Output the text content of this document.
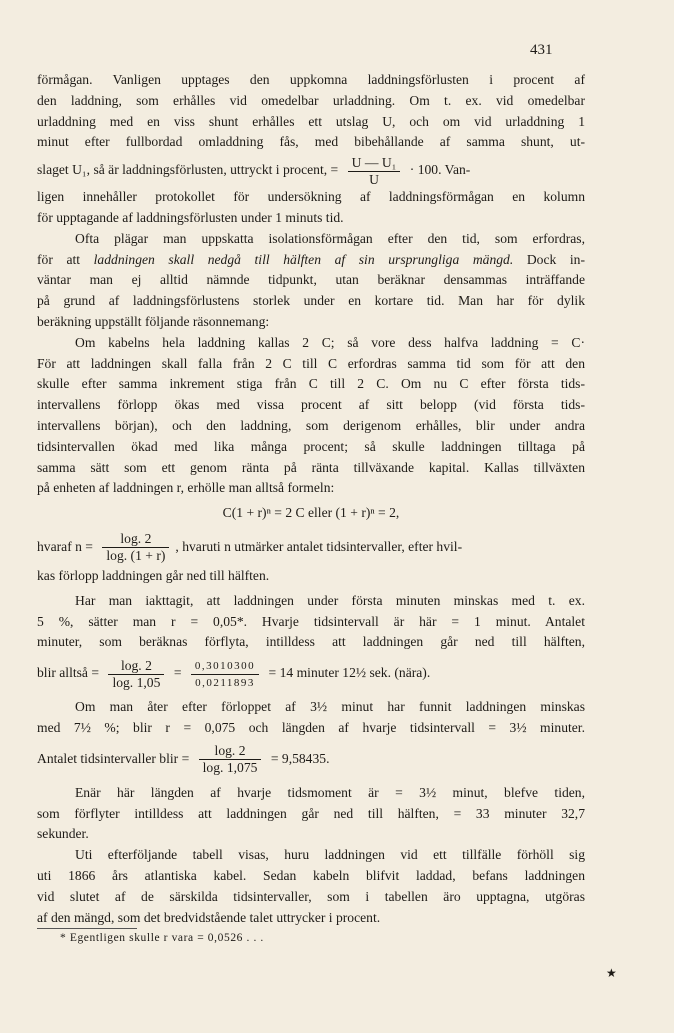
431
förmågan. Vanligen upptages den uppkomna laddningsförlusten i procent af
den laddning, som erhålles vid omedelbar urladdning. Om t. ex. vid omedelbar
urladdning med en viss shunt erhålles ett utslag U, och om vid urladdning 1
minut efter fullbordad omladdning fås, med bibehållande af samma shunt, ut-
slaget U₁, så är laddningsförlusten, uttryckt i procent, = $\frac{\text{U — U₁}}{U} \cdot 100$. Van-
ligen innehåller protokollet för undersökning af laddningsförmågan en kolumn
för upptagande af laddningsförlusten under 1 minuts tid.
Ofta plägar man uppskatta isolationsförmågan efter den tid, som erfordras,
för att laddningen skall nedgå till hälften af sin ursprungliga mängd. Dock in-
väntar man ej alltid nämnde tidpunkt, utan beräknar densammas inträffande
på grund af laddningsförlustens storlek under en kortare tid. Man har för dylik
beräkning uppställt följande räsonnemang:
Om kabelns hela laddning kallas 2 C; så vore dess halfva laddning = C·
För att laddningen skall falla från 2 C till C erfordras samma tid som för att den
skulle efter samma inkrement stiga från C till 2 C. Om nu C efter första tids-
intervallens förlopp ökas med vissa procent af sitt belopp (vid första tids-
intervallens början), och den laddning, som derigenom erhålles, blir under andra
tidsintervallen ökad med lika många procent; så skulle laddningen tilltaga på
samma sätt som ett genom ränta på ränta tillväxande kapital. Kallas tillväxten
på enheten af laddningen r, erhölle man alltså formeln:
C(1 + r)ⁿ = 2 C eller (1 + r)ⁿ = 2,
hvaraf $n = \frac{\log. 2}{\log. (1 + r)}$ , hvaruti n utmärker antalet tidsintervaller, efter hvil-
kas förlopp laddningen går ned till hälften.
Har man iakttagit, att laddningen under första minuten minskas med t. ex.
5 %, sätter man r = 0,05*. Hvarje tidsintervall är här = 1 minut. Antalet
minuter, som beräknas förflyta, intilldess att laddningen går ned till hälften,
blir alltså = $\frac{\log. 2}{\log. 1,05} = \frac{0,3010300}{0,0211893} = 14$ minuter 12½ sek. (nära).
Om man åter efter förloppet af 3½ minut har funnit laddningen minskas
med 7½ %; blir r = 0,075 och längden af hvarje tidsintervall = 3½ minuter.
Antalet tidsintervaller blir = $\frac{\log. 2}{\log. 1,075} = 9,58435$.
Enär här längden af hvarje tidsmoment är = 3½ minut, blefve tiden,
som förflyter intilldess att laddningen går ned till hälften, = 33 minuter 32,7
sekunder.
Uti efterföljande tabell visas, huru laddningen vid ett tillfälle förhöll sig
uti 1866 års atlantiska kabel. Sedan kabeln blifvit laddad, befans laddningen
vid slutet af de särskilda tidsintervaller, som i tabellen äro upptagna, utgöras
af den mängd, som det bredvidstående talet uttrycker i procent.
* Egentligen skulle r vara = 0,0526 . . .
★
